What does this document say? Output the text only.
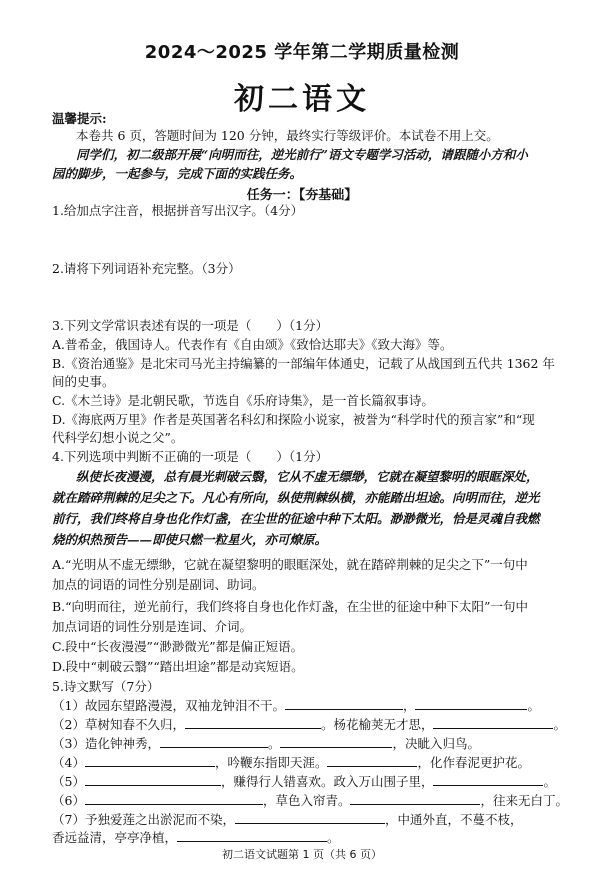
2024～2025 学年第二学期质量检测
初二语文
温馨提示:
本卷共 6 页，答题时间为 120 分钟，最终实行等级评价。本试卷不用上交。
同学们，初二级部开展“向明而往，逆光前行”语文专题学习活动，请跟随小方和小
园的脚步，一起参与，完成下面的实践任务。
任务一：【夯基础】
1.给加点字注音，根据拼音写出汉字。（4分）
2.请将下列词语补充完整。（3分）
3.下列文学常识表述有误的一项是（　　）（1分）
A.普希金，俄国诗人。代表作有《自由颂》《致恰达耶夫》《致大海》等。
B.《资治通鉴》是北宋司马光主持编纂的一部编年体通史，记载了从战国到五代共 1362 年
间的史事。
C.《木兰诗》是北朝民歌，节选自《乐府诗集》，是一首长篇叙事诗。
D.《海底两万里》作者是英国著名科幻和探险小说家，被誉为“科学时代的预言家”和“现
代科学幻想小说之父”。
4.下列选项中判断不正确的一项是（　　）（1分）
纵使长夜漫漫，总有晨光刺破云翳，它从不虚无缥缈，它就在凝望黎明的眼眶深处，
就在踏碎荆棘的足尖之下。凡心有所向，纵使荆棘纵横，亦能踏出坦途。向明而往，逆光
前行，我们终将自身也化作灯盏，在尘世的征途中种下太阳。渺渺微光，恰是灵魂自我燃
烧的炽热预告——即使只燃一粒星火，亦可燎原。
A.“光明从不虚无缥缈，它就在凝望黎明的眼眶深处，就在踏碎荆棘的足尖之下”一句中
加点的词语的词性分别是副词、助词。
B.“向明而往，逆光前行，我们终将自身也化作灯盏，在尘世的征途中种下太阳”一句中
加点词语的词性分别是连词、介词。
C.段中“长夜漫漫”“渺渺微光”都是偏正短语。
D.段中“刺破云翳”“踏出坦途”都是动宾短语。
5.诗文默写（7分）
（1）故园东望路漫漫，双袖龙钟泪不干。	，	。
（2）草树知春不久归，	。杨花榆荚无才思，	。
（3）造化钟神秀，	。	，决眦入归鸟。
（4）	，吟鞭东指即天涯。	，化作春泥更护花。
（5）	，赚得行人错喜欢。政入万山围子里，	。
（6）	，草色入帘青。	，往来无白丁。
（7）予独爱莲之出淤泥而不染，	，中通外直，不蔓不枝，
香远益清，亭亭净植，	。
初二语文试题第 1 页（共 6 页）
